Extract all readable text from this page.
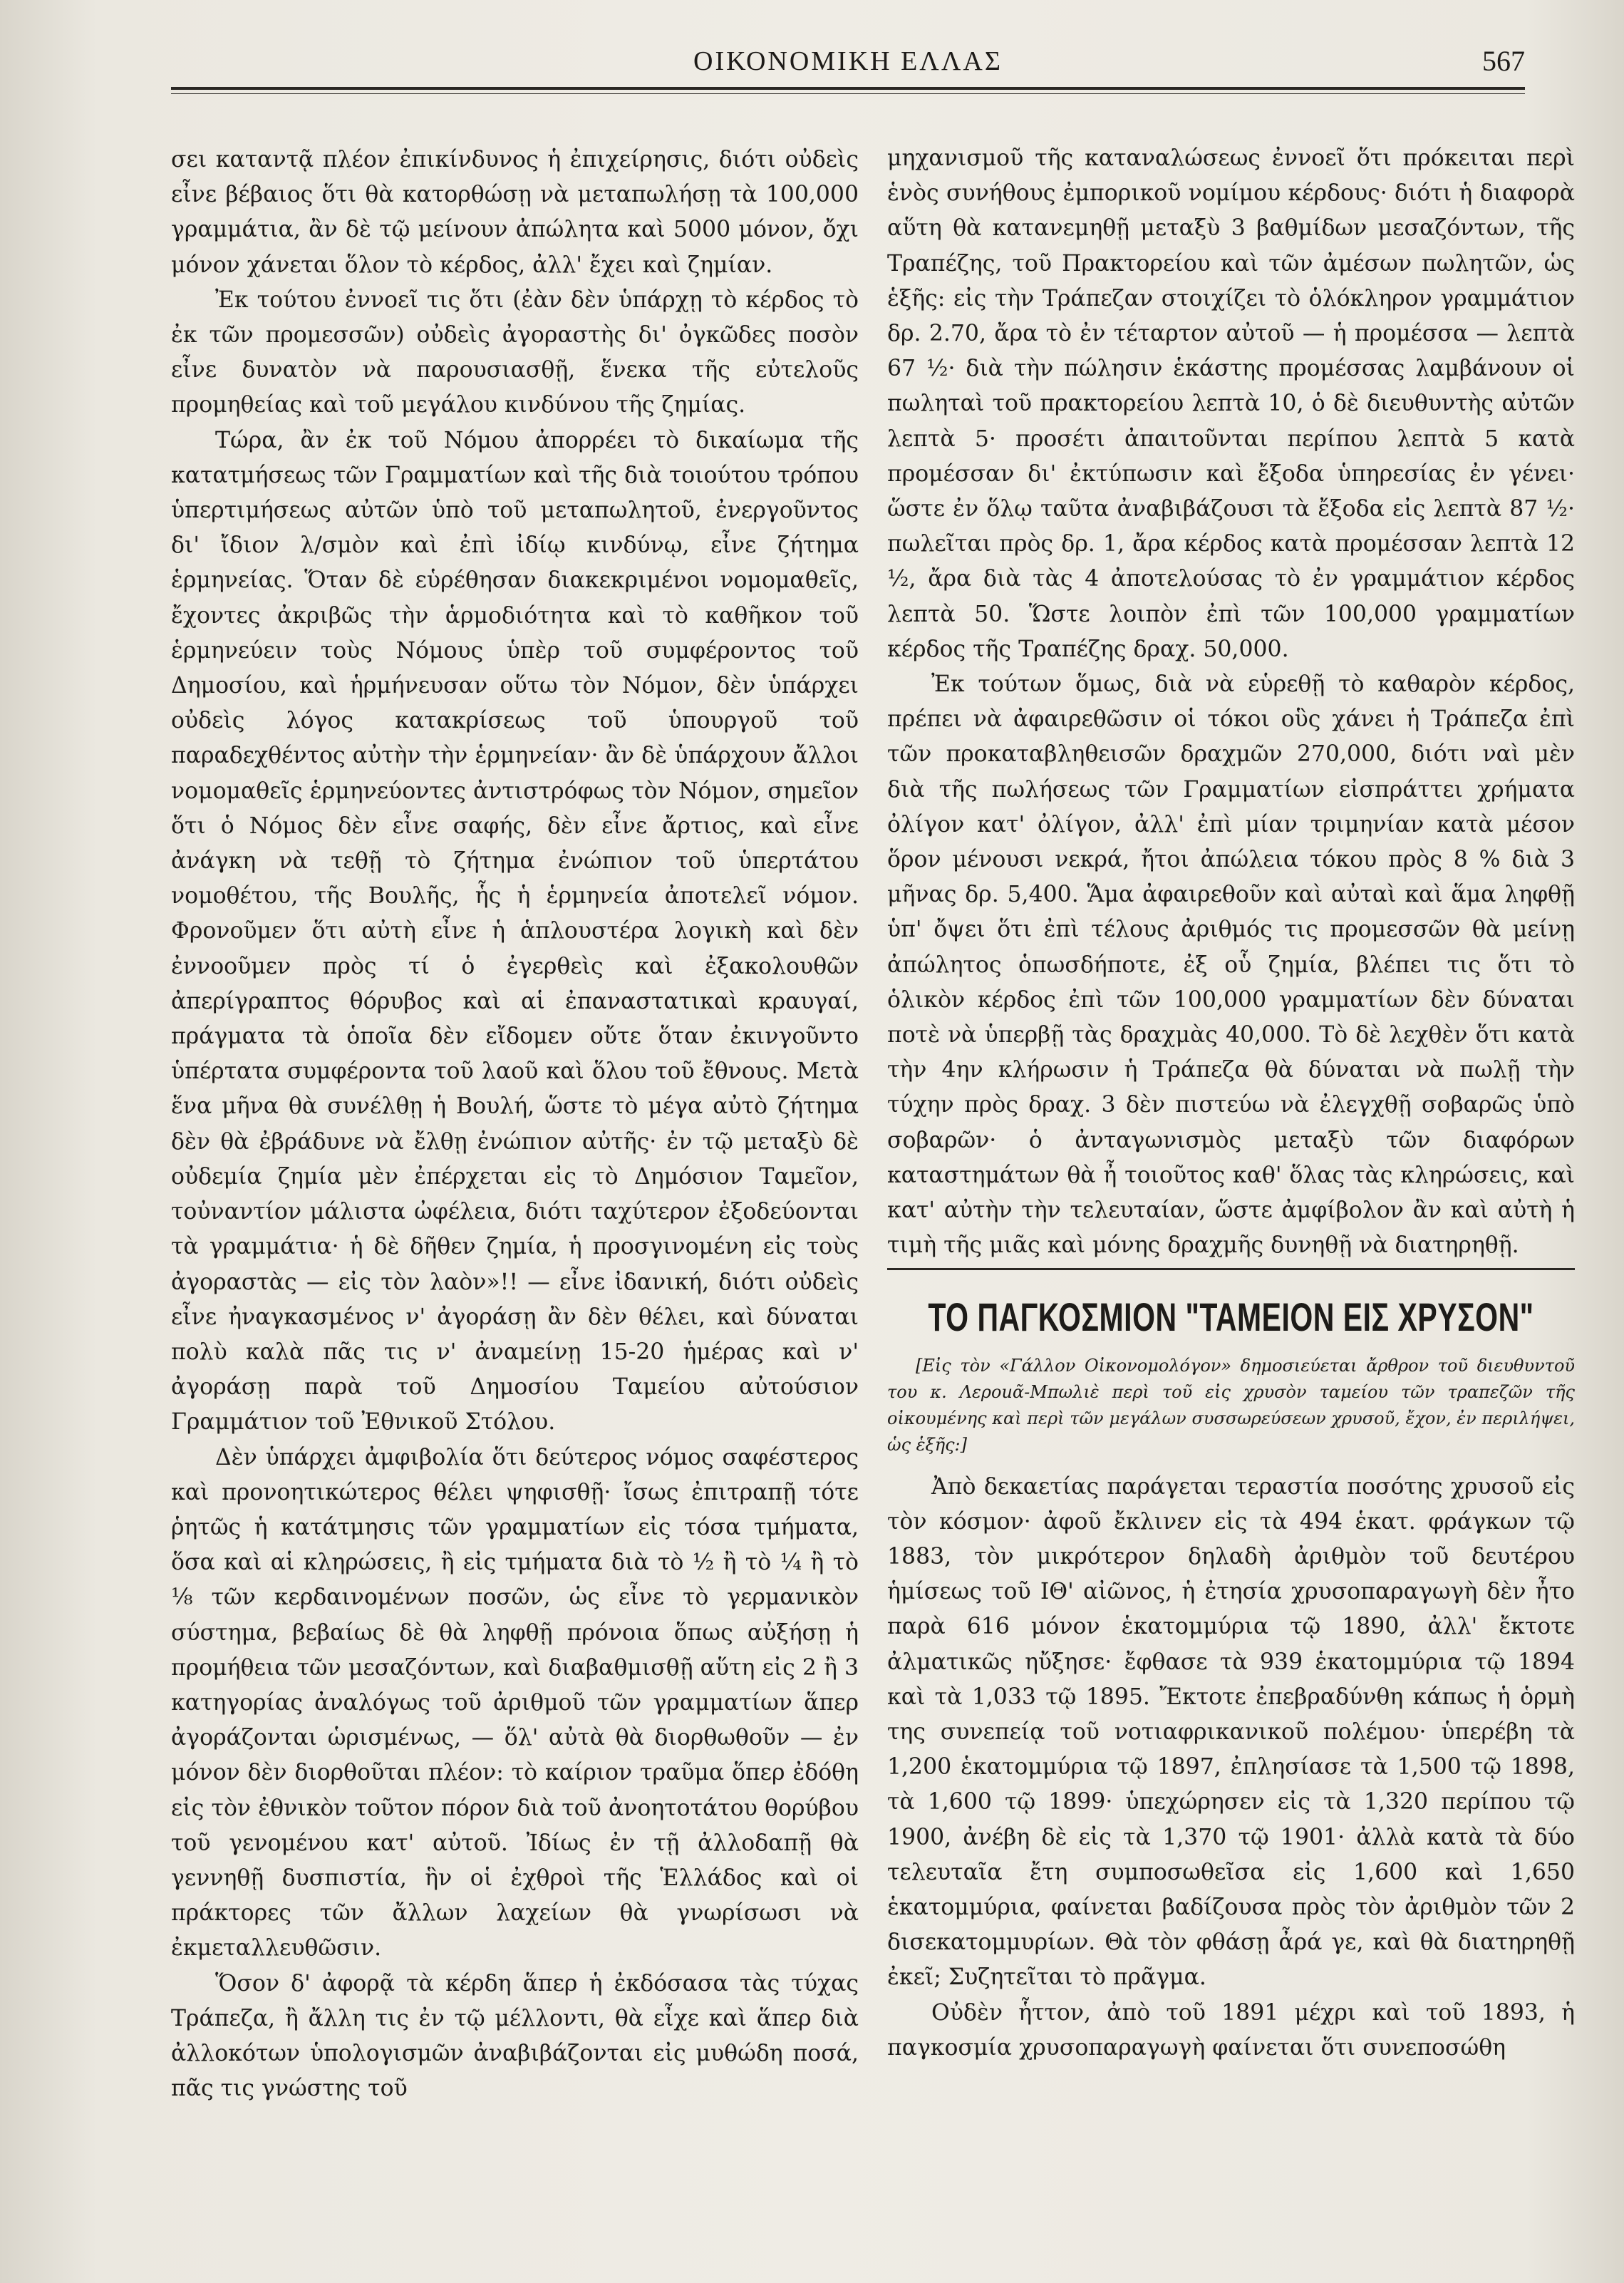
ΟΙΚΟΝΟΜΙΚΗ ΕΛΛΑΣ	567

σει καταντᾷ πλέον ἐπικίνδυνος ἡ ἐπιχείρησις, διότι οὐδεὶς εἶνε βέβαιος ὅτι θὰ κατορθώσῃ νὰ μεταπωλήσῃ τὰ 100,000 γραμμάτια, ἂν δὲ τῷ μείνουν ἀπώλητα καὶ 5000 μόνον, ὄχι μόνον χάνεται ὅλον τὸ κέρδος, ἀλλ' ἔχει καὶ ζημίαν.

Ἐκ τούτου ἐννοεῖ τις ὅτι (ἐὰν δὲν ὑπάρχῃ τὸ κέρδος τὸ ἐκ τῶν προμεσσῶν) οὐδεὶς ἀγοραστὴς δι' ὀγκῶδες ποσὸν εἶνε δυνατὸν νὰ παρουσιασθῇ, ἕνεκα τῆς εὐτελοῦς προμηθείας καὶ τοῦ μεγάλου κινδύνου τῆς ζημίας.

Τώρα, ἂν ἐκ τοῦ Νόμου ἀπορρέει τὸ δικαίωμα τῆς κατατμήσεως τῶν Γραμματίων καὶ τῆς διὰ τοιούτου τρόπου ὑπερτιμήσεως αὐτῶν ὑπὸ τοῦ μεταπωλητοῦ, ἐνεργοῦντος δι' ἴδιον λ/σμὸν καὶ ἐπὶ ἰδίῳ κινδύνῳ, εἶνε ζήτημα ἑρμηνείας. Ὅταν δὲ εὑρέθησαν διακεκριμένοι νομομαθεῖς, ἔχοντες ἀκριβῶς τὴν ἁρμοδιότητα καὶ τὸ καθῆκον τοῦ ἑρμηνεύειν τοὺς Νόμους ὑπὲρ τοῦ συμφέροντος τοῦ Δημοσίου, καὶ ἡρμήνευσαν οὕτω τὸν Νόμον, δὲν ὑπάρχει οὐδεὶς λόγος κατακρίσεως τοῦ ὑπουργοῦ τοῦ παραδεχθέντος αὐτὴν τὴν ἑρμηνείαν· ἂν δὲ ὑπάρχουν ἄλλοι νομομαθεῖς ἑρμηνεύοντες ἀντιστρόφως τὸν Νόμον, σημεῖον ὅτι ὁ Νόμος δὲν εἶνε σαφής, δὲν εἶνε ἄρτιος, καὶ εἶνε ἀνάγκη νὰ τεθῇ τὸ ζήτημα ἐνώπιον τοῦ ὑπερτάτου νομοθέτου, τῆς Βουλῆς, ἧς ἡ ἑρμηνεία ἀποτελεῖ νόμον. Φρονοῦμεν ὅτι αὐτὴ εἶνε ἡ ἁπλουστέρα λογικὴ καὶ δὲν ἐννοοῦμεν πρὸς τί ὁ ἐγερθεὶς καὶ ἐξακολουθῶν ἀπερίγραπτος θόρυβος καὶ αἱ ἐπαναστατικαὶ κραυγαί, πράγματα τὰ ὁποῖα δὲν εἴδομεν οὔτε ὅταν ἐκινγοῦντο ὑπέρτατα συμφέροντα τοῦ λαοῦ καὶ ὅλου τοῦ ἔθνους. Μετὰ ἕνα μῆνα θὰ συνέλθῃ ἡ Βουλή, ὥστε τὸ μέγα αὐτὸ ζήτημα δὲν θὰ ἐβράδυνε νὰ ἔλθῃ ἐνώπιον αὐτῆς· ἐν τῷ μεταξὺ δὲ οὐδεμία ζημία μὲν ἐπέρχεται εἰς τὸ Δημόσιον Ταμεῖον, τοὐναντίον μάλιστα ὠφέλεια, διότι ταχύτερον ἐξοδεύονται τὰ γραμμάτια· ἡ δὲ δῆθεν ζημία, ἡ προσγινομένη εἰς τοὺς ἀγοραστὰς — εἰς τὸν λαὸν»!! — εἶνε ἰδανική, διότι οὐδεὶς εἶνε ἠναγκασμένος ν' ἀγοράσῃ ἂν δὲν θέλει, καὶ δύναται πολὺ καλὰ πᾶς τις ν' ἀναμείνῃ 15-20 ἡμέρας καὶ ν' ἀγοράσῃ παρὰ τοῦ Δημοσίου Ταμείου αὐτούσιον Γραμμάτιον τοῦ Ἐθνικοῦ Στόλου.

Δὲν ὑπάρχει ἀμφιβολία ὅτι δεύτερος νόμος σαφέστερος καὶ προνοητικώτερος θέλει ψηφισθῇ· ἴσως ἐπιτραπῇ τότε ῥητῶς ἡ κατάτμησις τῶν γραμματίων εἰς τόσα τμήματα, ὅσα καὶ αἱ κληρώσεις, ἢ εἰς τμήματα διὰ τὸ ½ ἢ τὸ ¼ ἢ τὸ ⅛ τῶν κερδαινομένων ποσῶν, ὡς εἶνε τὸ γερμανικὸν σύστημα, βεβαίως δὲ θὰ ληφθῇ πρόνοια ὅπως αὐξήσῃ ἡ προμήθεια τῶν μεσαζόντων, καὶ διαβαθμισθῇ αὕτη εἰς 2 ἢ 3 κατηγορίας ἀναλόγως τοῦ ἀριθμοῦ τῶν γραμματίων ἅπερ ἀγοράζονται ὡρισμένως, — ὅλ' αὐτὰ θὰ διορθωθοῦν — ἐν μόνον δὲν διορθοῦται πλέον: τὸ καίριον τραῦμα ὅπερ ἐδόθη εἰς τὸν ἐθνικὸν τοῦτον πόρον διὰ τοῦ ἀνοητοτάτου θορύβου τοῦ γενομένου κατ' αὐτοῦ. Ἰδίως ἐν τῇ ἀλλοδαπῇ θὰ γεννηθῇ δυσπιστία, ἣν οἱ ἐχθροὶ τῆς Ἑλλάδος καὶ οἱ πράκτορες τῶν ἄλλων λαχείων θὰ γνωρίσωσι νὰ ἐκμεταλλευθῶσιν.

Ὅσον δ' ἀφορᾷ τὰ κέρδη ἅπερ ἡ ἐκδόσασα τὰς τύχας Τράπεζα, ἢ ἄλλη τις ἐν τῷ μέλλοντι, θὰ εἶχε καὶ ἅπερ διὰ ἀλλοκότων ὑπολογισμῶν ἀναβιβάζονται εἰς μυθώδη ποσά, πᾶς τις γνώστης τοῦ

μηχανισμοῦ τῆς καταναλώσεως ἐννοεῖ ὅτι πρόκειται περὶ ἑνὸς συνήθους ἐμπορικοῦ νομίμου κέρδους· διότι ἡ διαφορὰ αὕτη θὰ κατανεμηθῇ μεταξὺ 3 βαθμίδων μεσαζόντων, τῆς Τραπέζης, τοῦ Πρακτορείου καὶ τῶν ἀμέσων πωλητῶν, ὡς ἑξῆς: εἰς τὴν Τράπεζαν στοιχίζει τὸ ὁλόκληρον γραμμάτιον δρ. 2.70, ἄρα τὸ ἐν τέταρτον αὐτοῦ — ἡ προμέσσα — λεπτὰ 67 ½· διὰ τὴν πώλησιν ἑκάστης προμέσσας λαμβάνουν οἱ πωληταὶ τοῦ πρακτορείου λεπτὰ 10, ὁ δὲ διευθυντὴς αὐτῶν λεπτὰ 5· προσέτι ἀπαιτοῦνται περίπου λεπτὰ 5 κατὰ προμέσσαν δι' ἐκτύπωσιν καὶ ἔξοδα ὑπηρεσίας ἐν γένει· ὥστε ἐν ὅλῳ ταῦτα ἀναβιβάζουσι τὰ ἔξοδα εἰς λεπτὰ 87 ½· πωλεῖται πρὸς δρ. 1, ἄρα κέρδος κατὰ προμέσσαν λεπτὰ 12 ½, ἄρα διὰ τὰς 4 ἀποτελούσας τὸ ἐν γραμμάτιον κέρδος λεπτὰ 50. Ὥστε λοιπὸν ἐπὶ τῶν 100,000 γραμματίων κέρδος τῆς Τραπέζης δραχ. 50,000.

Ἐκ τούτων ὅμως, διὰ νὰ εὑρεθῇ τὸ καθαρὸν κέρδος, πρέπει νὰ ἀφαιρεθῶσιν οἱ τόκοι οὓς χάνει ἡ Τράπεζα ἐπὶ τῶν προκαταβληθεισῶν δραχμῶν 270,000, διότι ναὶ μὲν διὰ τῆς πωλήσεως τῶν Γραμματίων εἰσπράττει χρήματα ὀλίγον κατ' ὀλίγον, ἀλλ' ἐπὶ μίαν τριμηνίαν κατὰ μέσον ὅρον μένουσι νεκρά, ἤτοι ἀπώλεια τόκου πρὸς 8 % διὰ 3 μῆνας δρ. 5,400. Ἅμα ἀφαιρεθοῦν καὶ αὐταὶ καὶ ἅμα ληφθῇ ὑπ' ὄψει ὅτι ἐπὶ τέλους ἀριθμός τις προμεσσῶν θὰ μείνῃ ἀπώλητος ὁπωσδήποτε, ἐξ οὗ ζημία, βλέπει τις ὅτι τὸ ὁλικὸν κέρδος ἐπὶ τῶν 100,000 γραμματίων δὲν δύναται ποτὲ νὰ ὑπερβῇ τὰς δραχμὰς 40,000. Τὸ δὲ λεχθὲν ὅτι κατὰ τὴν 4ην κλήρωσιν ἡ Τράπεζα θὰ δύναται νὰ πωλῇ τὴν τύχην πρὸς δραχ. 3 δὲν πιστεύω νὰ ἐλεγχθῇ σοβαρῶς ὑπὸ σοβαρῶν· ὁ ἀνταγωνισμὸς μεταξὺ τῶν διαφόρων καταστημάτων θὰ ἦ τοιοῦτος καθ' ὅλας τὰς κληρώσεις, καὶ κατ' αὐτὴν τὴν τελευταίαν, ὥστε ἀμφίβολον ἂν καὶ αὐτὴ ἡ τιμὴ τῆς μιᾶς καὶ μόνης δραχμῆς δυνηθῇ νὰ διατηρηθῇ.

ΤΟ ΠΑΓΚΟΣΜΙΟΝ "ΤΑΜΕΙΟΝ ΕΙΣ ΧΡΥΣΟΝ"
[Εἰς τὸν «Γάλλον Οἰκονομολόγον» δημοσιεύεται ἄρθρον τοῦ διευθυντοῦ του κ. Λεροuᾶ-Μπωλιὲ περὶ τοῦ εἰς χρυσὸν ταμείου τῶν τραπεζῶν τῆς οἰκουμένης καὶ περὶ τῶν μεγάλων συσσωρεύσεων χρυσοῦ, ἔχον, ἐν περιλήψει, ὡς ἑξῆς:]

Ἀπὸ δεκαετίας παράγεται τεραστία ποσότης χρυσοῦ εἰς τὸν κόσμον· ἀφοῦ ἔκλινεν εἰς τὰ 494 ἑκατ. φράγκων τῷ 1883, τὸν μικρότερον δηλαδὴ ἀριθμὸν τοῦ δευτέρου ἡμίσεως τοῦ ΙΘ' αἰῶνος, ἡ ἐτησία χρυσοπαραγωγὴ δὲν ἦτο παρὰ 616 μόνον ἑκατομμύρια τῷ 1890, ἀλλ' ἔκτοτε ἀλματικῶς ηὔξησε· ἔφθασε τὰ 939 ἑκατομμύρια τῷ 1894 καὶ τὰ 1,033 τῷ 1895. Ἔκτοτε ἐπεβραδύνθη κάπως ἡ ὁρμὴ της συνεπείᾳ τοῦ νοτιαφρικανικοῦ πολέμου· ὑπερέβη τὰ 1,200 ἑκατομμύρια τῷ 1897, ἐπλησίασε τὰ 1,500 τῷ 1898, τὰ 1,600 τῷ 1899· ὑπεχώρησεν εἰς τὰ 1,320 περίπου τῷ 1900, ἀνέβη δὲ εἰς τὰ 1,370 τῷ 1901· ἀλλὰ κατὰ τὰ δύο τελευταῖα ἔτη συμποσωθεῖσα εἰς 1,600 καὶ 1,650 ἑκατομμύρια, φαίνεται βαδίζουσα πρὸς τὸν ἀριθμὸν τῶν 2 δισεκατομμυρίων. Θὰ τὸν φθάσῃ ἆρά γε, καὶ θὰ διατηρηθῇ ἐκεῖ; Συζητεῖται τὸ πρᾶγμα.

Οὐδὲν ἧττον, ἀπὸ τοῦ 1891 μέχρι καὶ τοῦ 1893, ἡ παγκοσμία χρυσοπαραγωγὴ φαίνεται ὅτι συνεποσώθη
